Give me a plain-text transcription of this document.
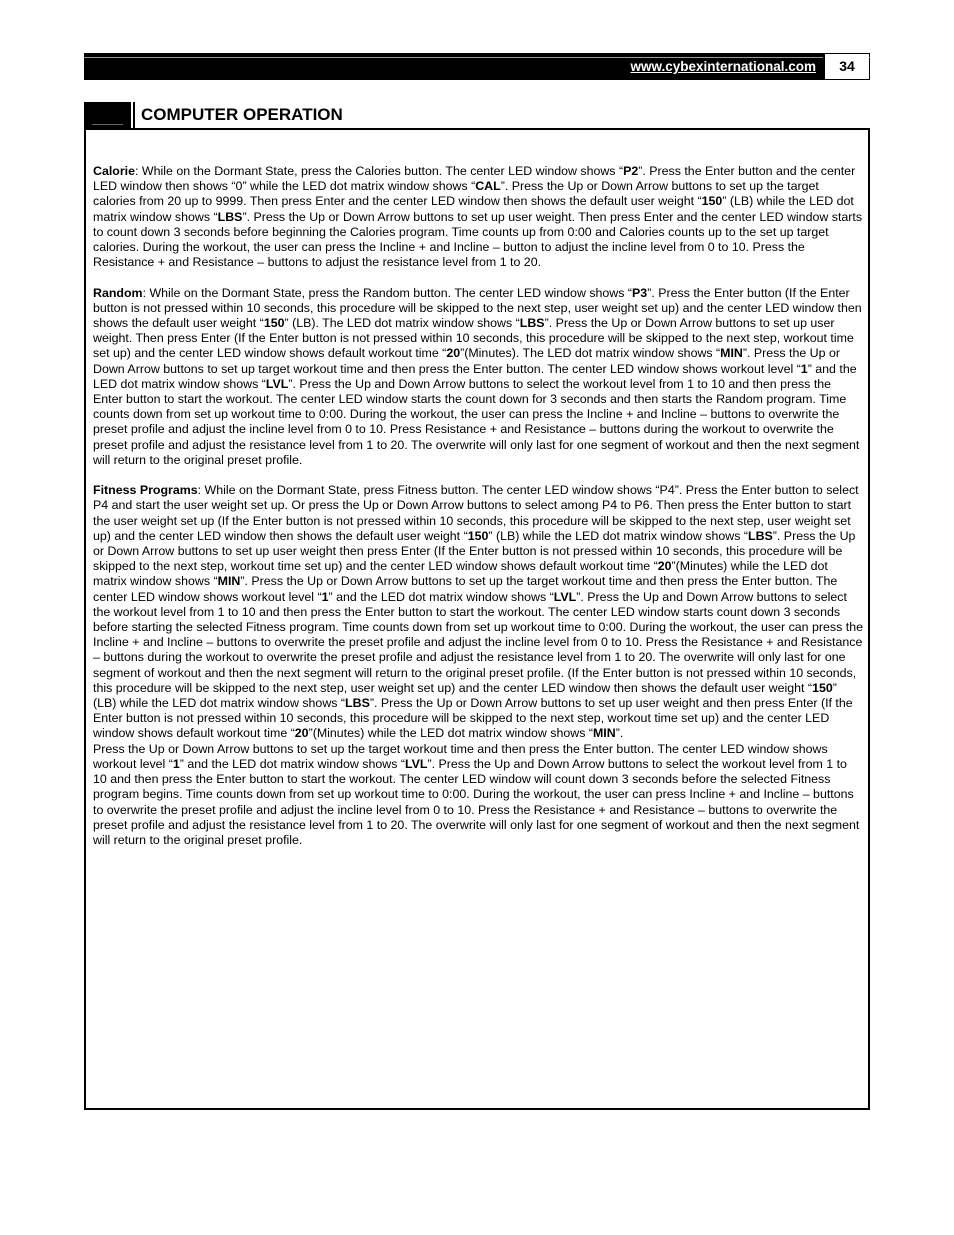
www.cybexinternational.com	34
COMPUTER OPERATION

Calorie: While on the Dormant State, press the Calories button. The center LED window shows “P2”. Press the Enter button and the center LED window then shows “0” while the LED dot matrix window shows “CAL”. Press the Up or Down Arrow buttons to set up the target calories from 20 up to 9999. Then press Enter and the center LED window then shows the default user weight “150” (LB) while the LED dot matrix window shows “LBS”. Press the Up or Down Arrow buttons to set up user weight. Then press Enter and the center LED window starts to count down 3 seconds before beginning the Calories program. Time counts up from 0:00 and Calories counts up to the set up target calories. During the workout, the user can press the Incline + and Incline – button to adjust the incline level from 0 to 10. Press the Resistance + and Resistance – buttons to adjust the resistance level from 1 to 20.

Random: While on the Dormant State, press the Random button. The center LED window shows “P3”. Press the Enter button (If the Enter button is not pressed within 10 seconds, this procedure will be skipped to the next step, user weight set up) and the center LED window then shows the default user weight “150” (LB). The LED dot matrix window shows “LBS”. Press the Up or Down Arrow buttons to set up user weight. Then press Enter (If the Enter button is not pressed within 10 seconds, this procedure will be skipped to the next step, workout time set up) and the center LED window shows default workout time “20”(Minutes). The LED dot matrix window shows “MIN”. Press the Up or Down Arrow buttons to set up target workout time and then press the Enter button. The center LED window shows workout level “1” and the LED dot matrix window shows “LVL”. Press the Up and Down Arrow buttons to select the workout level from 1 to 10 and then press the Enter button to start the workout. The center LED window starts the count down for 3 seconds and then starts the Random program. Time counts down from set up workout time to 0:00. During the workout, the user can press the Incline + and Incline – buttons to overwrite the preset profile and adjust the incline level from 0 to 10. Press Resistance + and Resistance – buttons during the workout to overwrite the preset profile and adjust the resistance level from 1 to 20. The overwrite will only last for one segment of workout and then the next segment will return to the original preset profile.

Fitness Programs: While on the Dormant State, press Fitness button. The center LED window shows “P4”. Press the Enter button to select P4 and start the user weight set up. Or press the Up or Down Arrow buttons to select among P4 to P6. Then press the Enter button to start the user weight set up (If the Enter button is not pressed within 10 seconds, this procedure will be skipped to the next step, user weight set up) and the center LED window then shows the default user weight “150” (LB) while the LED dot matrix window shows “LBS”. Press the Up or Down Arrow buttons to set up user weight then press Enter (If the Enter button is not pressed within 10 seconds, this procedure will be skipped to the next step, workout time set up) and the center LED window shows default workout time “20”(Minutes) while the LED dot matrix window shows “MIN”. Press the Up or Down Arrow buttons to set up the target workout time and then press the Enter button. The center LED window shows workout level “1” and the LED dot matrix window shows “LVL”. Press the Up and Down Arrow buttons to select the workout level from 1 to 10 and then press the Enter button to start the workout. The center LED window starts count down 3 seconds before starting the selected Fitness program. Time counts down from set up workout time to 0:00. During the workout, the user can press the Incline + and Incline – buttons to overwrite the preset profile and adjust the incline level from 0 to 10. Press the Resistance + and Resistance – buttons during the workout to overwrite the preset profile and adjust the resistance level from 1 to 20. The overwrite will only last for one segment of workout and then the next segment will return to the original preset profile. (If the Enter button is not pressed within 10 seconds, this procedure will be skipped to the next step, user weight set up) and the center LED window then shows the default user weight “150” (LB) while the LED dot matrix window shows “LBS”. Press the Up or Down Arrow buttons to set up user weight and then press Enter (If the Enter button is not pressed within 10 seconds, this procedure will be skipped to the next step, workout time set up) and the center LED window shows default workout time “20”(Minutes) while the LED dot matrix window shows “MIN”.

Press the Up or Down Arrow buttons to set up the target workout time and then press the Enter button. The center LED window shows workout level “1” and the LED dot matrix window shows “LVL”. Press the Up and Down Arrow buttons to select the workout level from 1 to 10 and then press the Enter button to start the workout. The center LED window will count down 3 seconds before the selected Fitness program begins. Time counts down from set up workout time to 0:00. During the workout, the user can press Incline + and Incline – buttons to overwrite the preset profile and adjust the incline level from 0 to 10. Press the Resistance + and Resistance – buttons to overwrite the preset profile and adjust the resistance level from 1 to 20. The overwrite will only last for one segment of workout and then the next segment will return to the original preset profile.
